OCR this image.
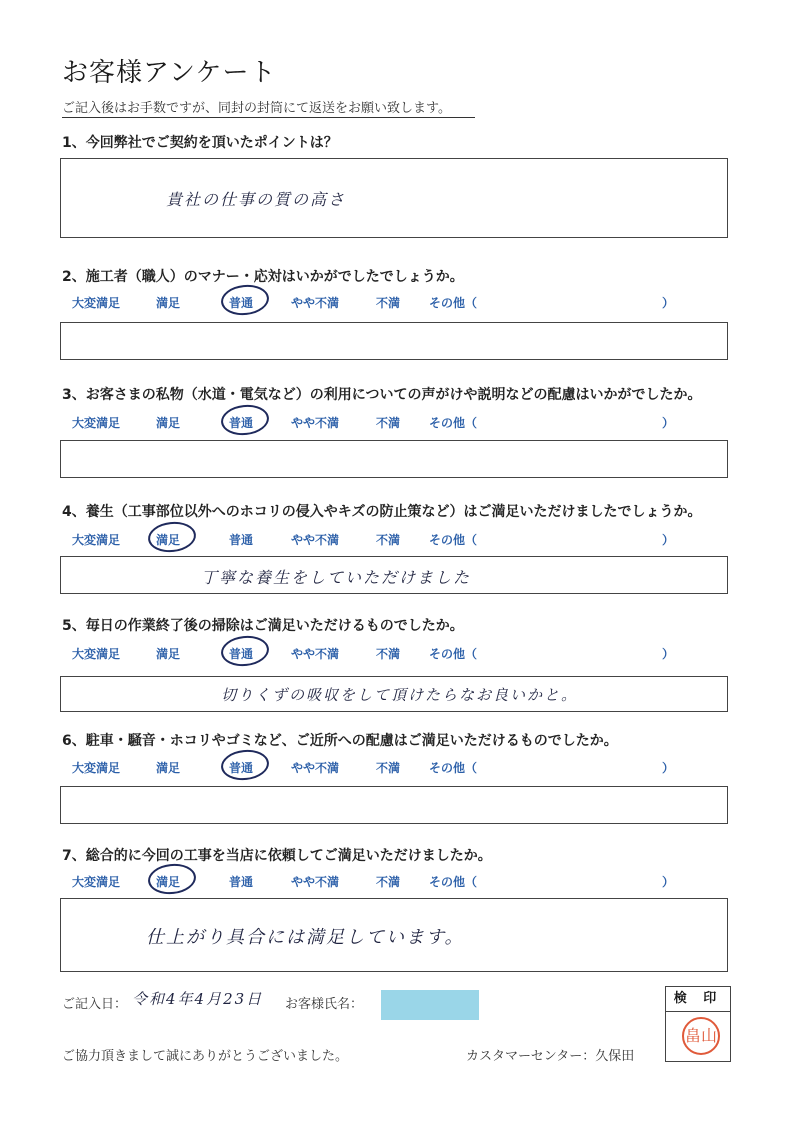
お客様アンケート
ご記入後はお手数ですが、同封の封筒にて返送をお願い致します。
1、今回弊社でご契約を頂いたポイントは？
貴社の仕事の質の高さ
2、施工者（職人）のマナー・応対はいかがでしたでしょうか。
大変満足	満足	普通	やや不満	不満 その他（	）
3、お客さまの私物（水道・電気など）の利用についての声がけや説明などの配慮はいかがでしたか。
大変満足	満足	普通	やや不満	不満 その他（	）
4、養生（工事部位以外へのホコリの侵入やキズの防止策など）はご満足いただけましたでしょうか。
大変満足	満足	普通	やや不満	不満 その他（	）
丁寧な養生をしていただけました
5、毎日の作業終了後の掃除はご満足いただけるものでしたか。
大変満足	満足	普通	やや不満	不満 その他（	）
切りくずの吸収をして頂けたらなお良いかと。
6、駐車・騒音・ホコリやゴミなど、ご近所への配慮はご満足いただけるものでしたか。
大変満足	満足	普通	やや不満	不満 その他（	）
7、総合的に今回の工事を当店に依頼してご満足いただけましたか。
大変満足	満足	普通	やや不満	不満 その他（	）
仕上がり具合には満足しています。
ご記入日： 令和4年4月23日 お客様氏名：	検 印
畠山
ご協力頂きまして誠にありがとうございました。	カスタマーセンター：久保田
